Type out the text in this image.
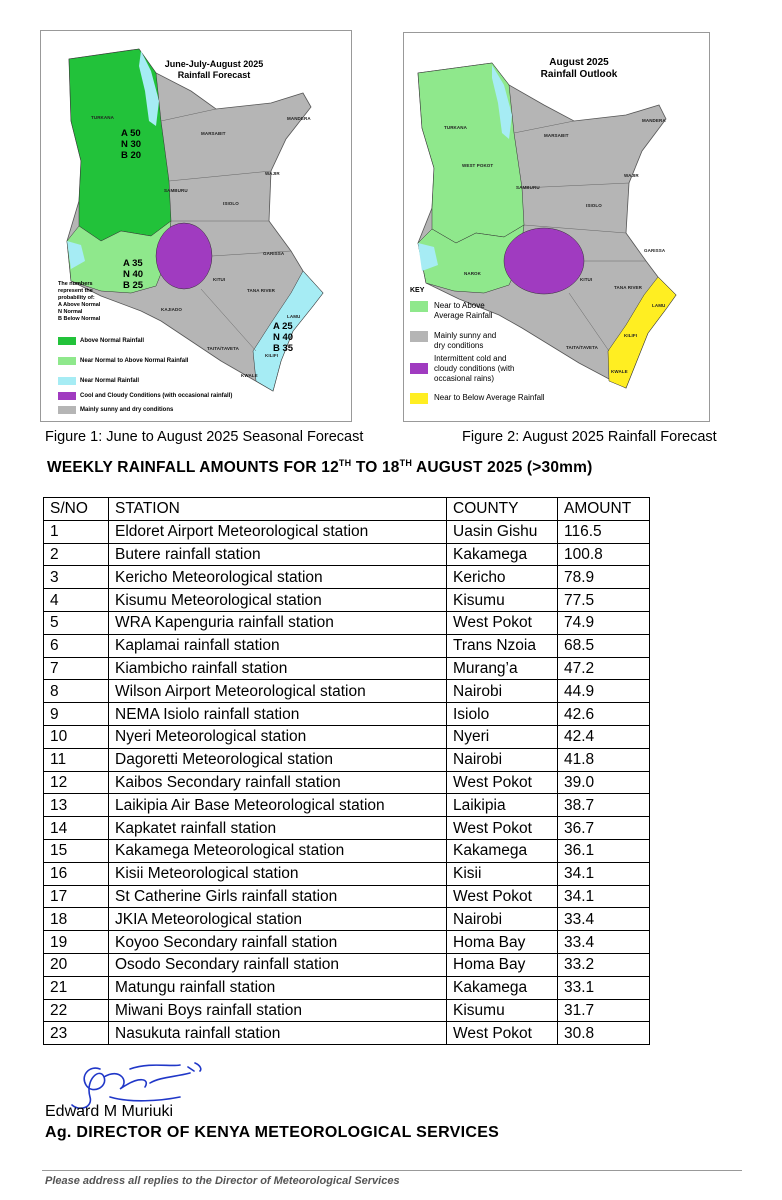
June-July-August 2025
Rainfall Forecast
TURKANA
MARSABIT
MANDERA
WAJIR
SAMBURU
ISIOLO
GARISSA
KITUI
TANA RIVER
LAMU
KAJIADO
TAITA/TAVETA
KILIFI
KWALE
A 50
N 30
B 20
A 35
N 40
B 25
A 25
N 40
B 35
The numbers
represent the
probability of:
A Above Normal
N Normal
B Below Normal
Above Normal Rainfall
Near Normal to Above Normal Rainfall
Near Normal Rainfall
Cool and Cloudy Conditions (with occasional rainfall)
Mainly sunny and dry conditions
August 2025
Rainfall Outlook
TURKANA
MARSABIT
MANDERA
WAJIR
SAMBURU
ISIOLO
GARISSA
KITUI
TANA RIVER
LAMU
KILIFI
TAITA/TAVETA
KWALE
WEST POKOT
NAROK
KEY
Near to Above
Average Rainfall
Mainly sunny and
dry conditions
Intermittent cold and
cloudy conditions (with
occasional rains)
Near to Below Average Rainfall
Figure 1: June to August 2025 Seasonal Forecast	Figure 2: August 2025 Rainfall Forecast
WEEKLY RAINFALL AMOUNTS FOR 12TH TO 18TH AUGUST 2025 (>30mm)
S/NO	STATION	COUNTY	AMOUNT
1	Eldoret Airport Meteorological station	Uasin Gishu	116.5
2	Butere rainfall station	Kakamega	100.8
3	Kericho Meteorological station	Kericho	78.9
4	Kisumu Meteorological station	Kisumu	77.5
5	WRA Kapenguria rainfall station	West Pokot	74.9
6	Kaplamai rainfall station	Trans Nzoia	68.5
7	Kiambicho rainfall station	Murang’a	47.2
8	Wilson Airport Meteorological station	Nairobi	44.9
9	NEMA Isiolo rainfall station	Isiolo	42.6
10	Nyeri Meteorological station	Nyeri	42.4
11	Dagoretti Meteorological station	Nairobi	41.8
12	Kaibos Secondary rainfall station	West Pokot	39.0
13	Laikipia Air Base Meteorological station	Laikipia	38.7
14	Kapkatet rainfall station	West Pokot	36.7
15	Kakamega Meteorological station	Kakamega	36.1
16	Kisii Meteorological station	Kisii	34.1
17	St Catherine Girls rainfall station	West Pokot	34.1
18	JKIA Meteorological station	Nairobi	33.4
19	Koyoo Secondary rainfall station	Homa Bay	33.4
20	Osodo Secondary rainfall station	Homa Bay	33.2
21	Matungu rainfall station	Kakamega	33.1
22	Miwani Boys rainfall station	Kisumu	31.7
23	Nasukuta rainfall station	West Pokot	30.8
Edward M Muriuki
Ag. DIRECTOR OF KENYA METEOROLOGICAL SERVICES
Please address all replies to the Director of Meteorological Services
